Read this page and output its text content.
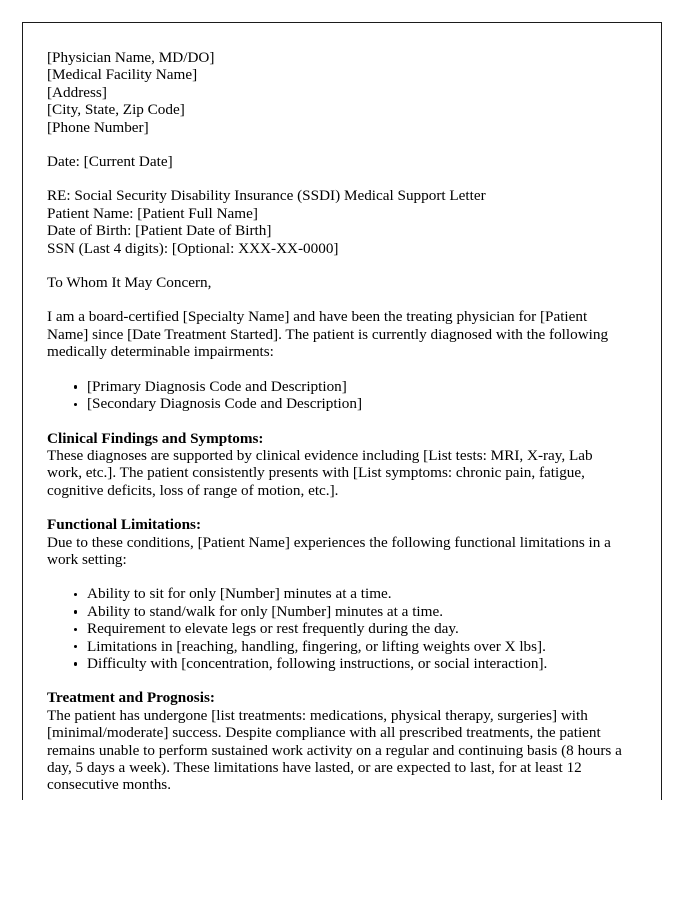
[Physician Name, MD/DO]
[Medical Facility Name]
[Address]
[City, State, Zip Code]
[Phone Number]
Date: [Current Date]
RE: Social Security Disability Insurance (SSDI) Medical Support Letter
Patient Name: [Patient Full Name]
Date of Birth: [Patient Date of Birth]
SSN (Last 4 digits): [Optional: XXX-XX-0000]
To Whom It May Concern,

I am a board-certified [Specialty Name] and have been the treating physician for [Patient Name] since [Date Treatment Started]. The patient is currently diagnosed with the following medically determinable impairments:

[Primary Diagnosis Code and Description]
[Secondary Diagnosis Code and Description]

Clinical Findings and Symptoms:

These diagnoses are supported by clinical evidence including [List tests: MRI, X-ray, Lab work, etc.]. The patient consistently presents with [List symptoms: chronic pain, fatigue, cognitive deficits, loss of range of motion, etc.].

Functional Limitations:

Due to these conditions, [Patient Name] experiences the following functional limitations in a work setting:

Ability to sit for only [Number] minutes at a time.
Ability to stand/walk for only [Number] minutes at a time.
Requirement to elevate legs or rest frequently during the day.
Limitations in [reaching, handling, fingering, or lifting weights over X lbs].
Difficulty with [concentration, following instructions, or social interaction].

Treatment and Prognosis:

The patient has undergone [list treatments: medications, physical therapy, surgeries] with [minimal/moderate] success. Despite compliance with all prescribed treatments, the patient remains unable to perform sustained work activity on a regular and continuing basis (8 hours a day, 5 days a week). These limitations have lasted, or are expected to last, for at least 12 consecutive months.
